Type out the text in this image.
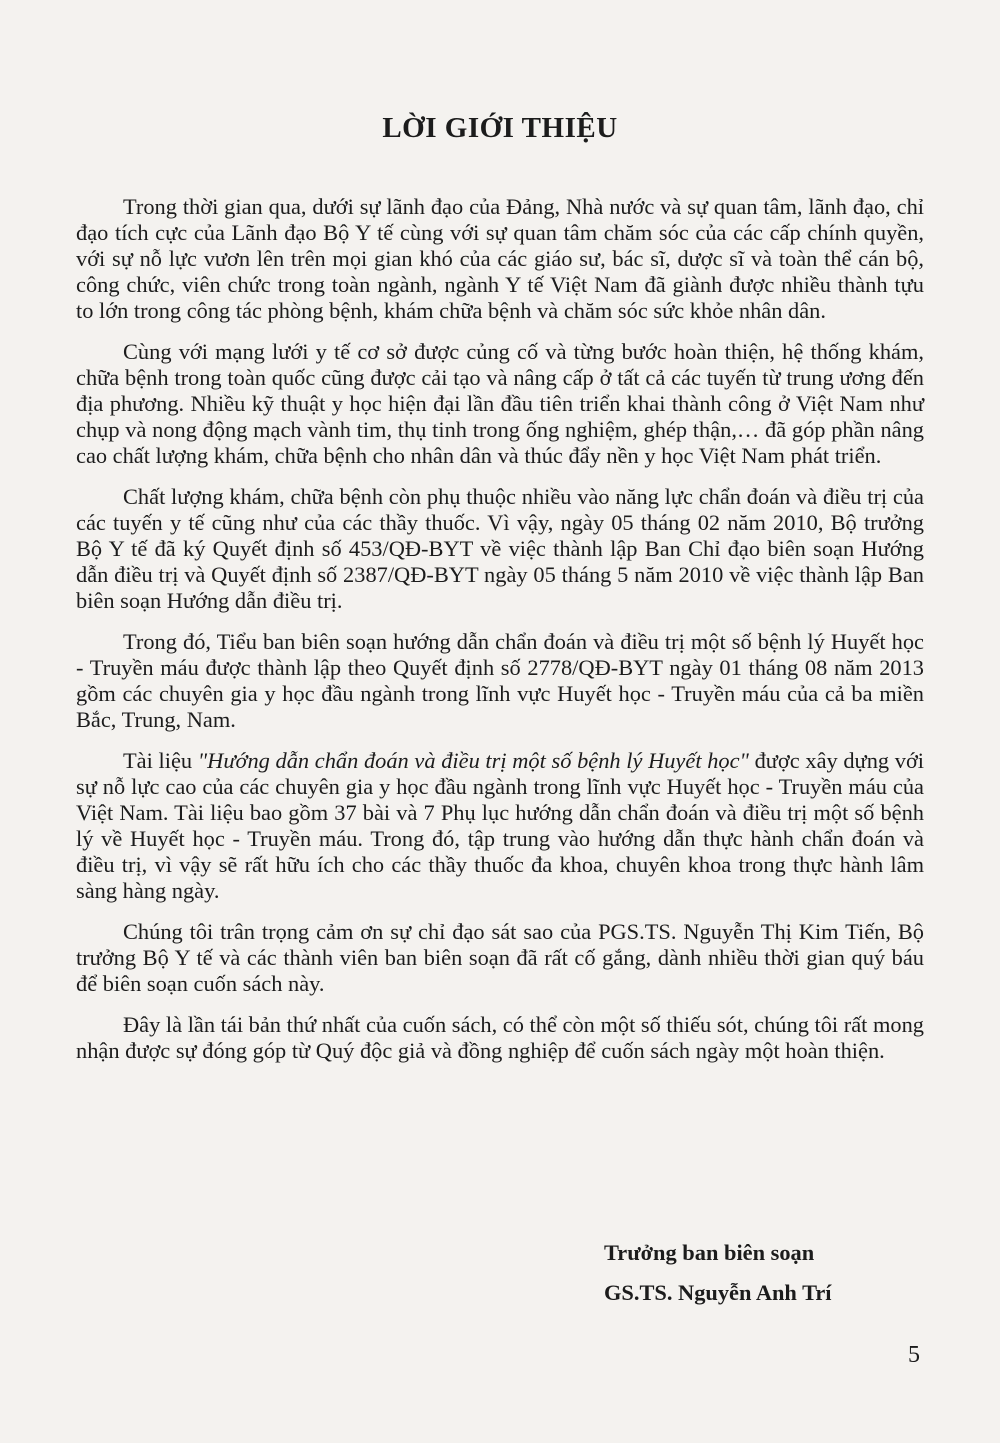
LỜI GIỚI THIỆU

Trong thời gian qua, dưới sự lãnh đạo của Đảng, Nhà nước và sự quan tâm, lãnh đạo, chỉ đạo tích cực của Lãnh đạo Bộ Y tế cùng với sự quan tâm chăm sóc của các cấp chính quyền, với sự nỗ lực vươn lên trên mọi gian khó của các giáo sư, bác sĩ, dược sĩ và toàn thể cán bộ, công chức, viên chức trong toàn ngành, ngành Y tế Việt Nam đã giành được nhiều thành tựu to lớn trong công tác phòng bệnh, khám chữa bệnh và chăm sóc sức khỏe nhân dân.

Cùng với mạng lưới y tế cơ sở được củng cố và từng bước hoàn thiện, hệ thống khám, chữa bệnh trong toàn quốc cũng được cải tạo và nâng cấp ở tất cả các tuyến từ trung ương đến địa phương. Nhiều kỹ thuật y học hiện đại lần đầu tiên triển khai thành công ở Việt Nam như chụp và nong động mạch vành tim, thụ tinh trong ống nghiệm, ghép thận,… đã góp phần nâng cao chất lượng khám, chữa bệnh cho nhân dân và thúc đẩy nền y học Việt Nam phát triển.

Chất lượng khám, chữa bệnh còn phụ thuộc nhiều vào năng lực chẩn đoán và điều trị của các tuyến y tế cũng như của các thầy thuốc. Vì vậy, ngày 05 tháng 02 năm 2010, Bộ trưởng Bộ Y tế đã ký Quyết định số 453/QĐ-BYT về việc thành lập Ban Chỉ đạo biên soạn Hướng dẫn điều trị và Quyết định số 2387/QĐ-BYT ngày 05 tháng 5 năm 2010 về việc thành lập Ban biên soạn Hướng dẫn điều trị.

Trong đó, Tiểu ban biên soạn hướng dẫn chẩn đoán và điều trị một số bệnh lý Huyết học - Truyền máu được thành lập theo Quyết định số 2778/QĐ-BYT ngày 01 tháng 08 năm 2013 gồm các chuyên gia y học đầu ngành trong lĩnh vực Huyết học - Truyền máu của cả ba miền Bắc, Trung, Nam.

Tài liệu "Hướng dẫn chẩn đoán và điều trị một số bệnh lý Huyết học" được xây dựng với sự nỗ lực cao của các chuyên gia y học đầu ngành trong lĩnh vực Huyết học - Truyền máu của Việt Nam. Tài liệu bao gồm 37 bài và 7 Phụ lục hướng dẫn chẩn đoán và điều trị một số bệnh lý về Huyết học - Truyền máu. Trong đó, tập trung vào hướng dẫn thực hành chẩn đoán và điều trị, vì vậy sẽ rất hữu ích cho các thầy thuốc đa khoa, chuyên khoa trong thực hành lâm sàng hàng ngày.

Chúng tôi trân trọng cảm ơn sự chỉ đạo sát sao của PGS.TS. Nguyễn Thị Kim Tiến, Bộ trưởng Bộ Y tế và các thành viên ban biên soạn đã rất cố gắng, dành nhiều thời gian quý báu để biên soạn cuốn sách này.

Đây là lần tái bản thứ nhất của cuốn sách, có thể còn một số thiếu sót, chúng tôi rất mong nhận được sự đóng góp từ Quý độc giả và đồng nghiệp để cuốn sách ngày một hoàn thiện.

Trưởng ban biên soạn
GS.TS. Nguyễn Anh Trí
5
